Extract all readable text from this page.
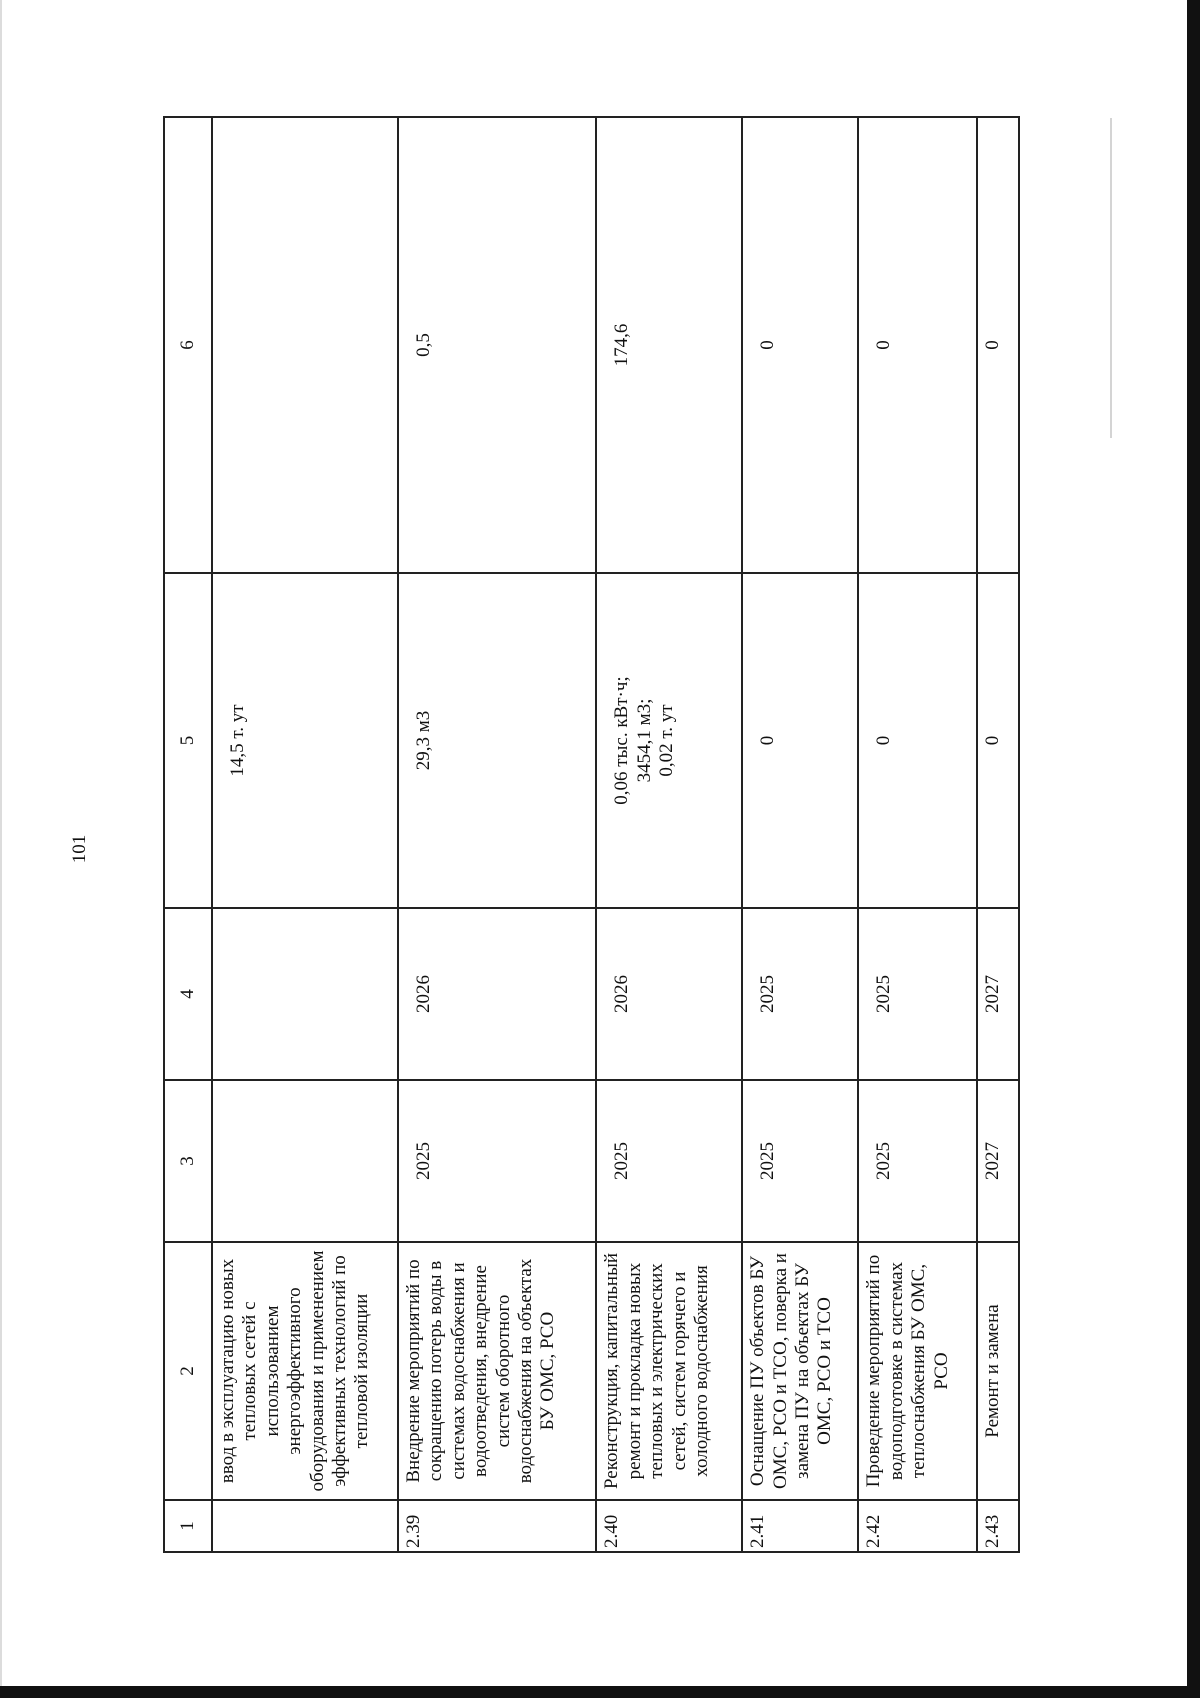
101
1	2	3	4	5	6
	ввод в эксплуатацию новых тепловых сетей с использованием энергоэффективного оборудования и применением эффективных технологий по тепловой изоляции			14,5 т. ут	
2.39	Внедрение мероприятий по сокращению потерь воды в системах водоснабжения и водоотведения, внедрение систем оборотного водоснабжения на объектах БУ ОМС, РСО	2025	2026	29,3 м3	0,5
2.40	Реконструкция, капитальный ремонт и прокладка новых тепловых и электрических сетей, систем горячего и холодного водоснабжения	2025	2026	0,06 тыс. кВт·ч;
3454,1 м3;
0,02 т. ут	174,6
2.41	Оснащение ПУ объектов БУ ОМС, РСО и ТСО, поверка и замена ПУ на объектах БУ ОМС, РСО и ТСО	2025	2025	0	0
2.42	Проведение мероприятий по водоподготовке в системах теплоснабжения БУ ОМС, РСО	2025	2025	0	0
2.43	Ремонт и замена	2027	2027	0	0
